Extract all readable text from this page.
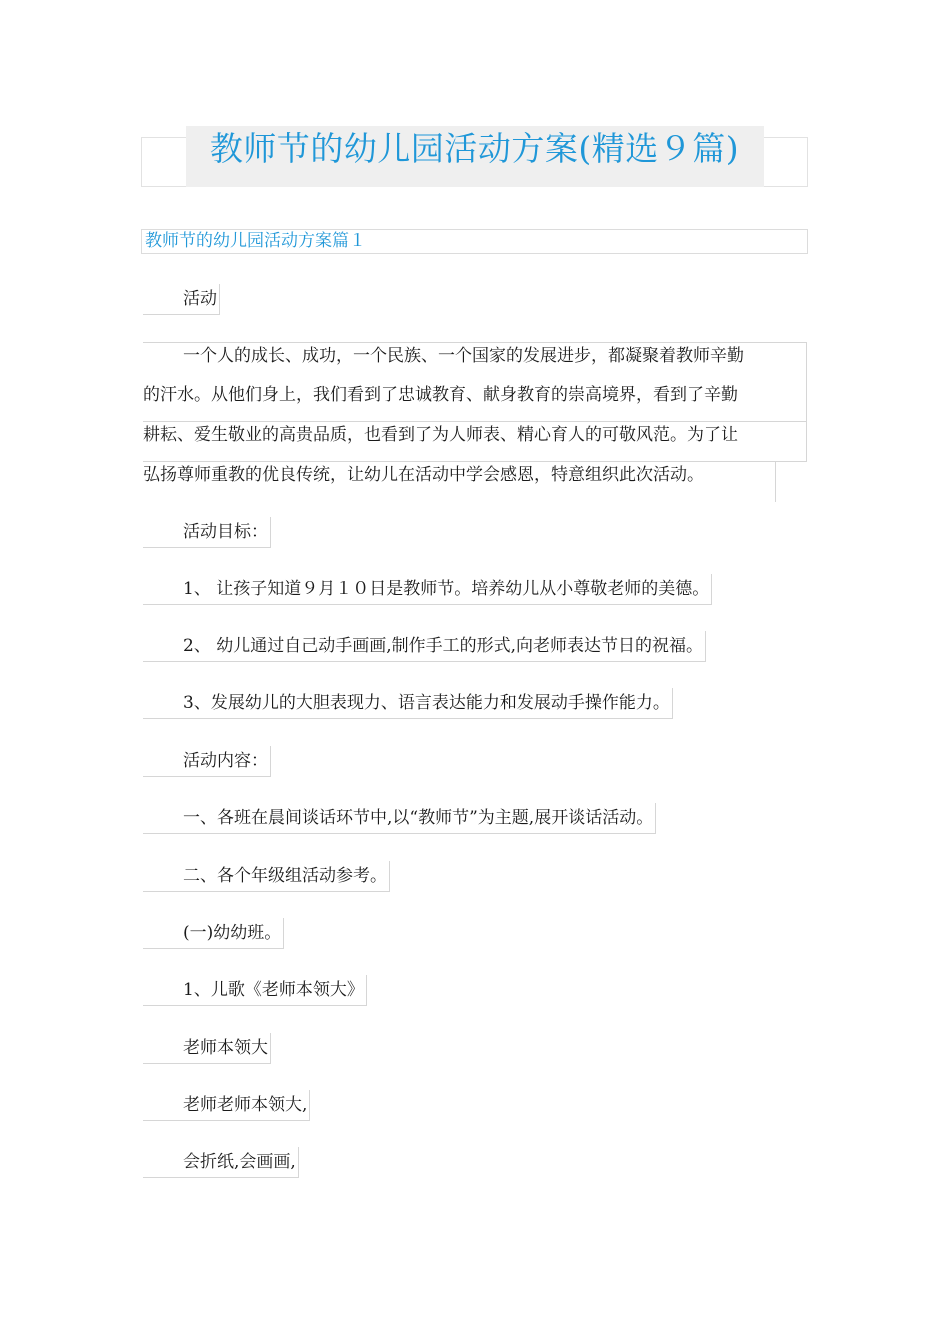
教师节的幼儿园活动方案(精选９篇)
教师节的幼儿园活动方案篇１
活动
一个人的成长、成功，一个民族、一个国家的发展进步，都凝聚着教师辛勤
的汗水。从他们身上，我们看到了忠诚教育、献身教育的崇高境界，看到了辛勤
耕耘、爱生敬业的高贵品质，也看到了为人师表、精心育人的可敬风范。为了让
弘扬尊师重教的优良传统，让幼儿在活动中学会感恩，特意组织此次活动。
活动目标：
1、 让孩子知道９月１０日是教师节。培养幼儿从小尊敬老师的美德。
2、 幼儿通过自己动手画画,制作手工的形式,向老师表达节日的祝福。
3、发展幼儿的大胆表现力、语言表达能力和发展动手操作能力。
活动内容：
一、各班在晨间谈话环节中,以“教师节”为主题,展开谈话活动。
二、各个年级组活动参考。
(一)幼幼班。
1、儿歌《老师本领大》
老师本领大
老师老师本领大,
会折纸,会画画,
